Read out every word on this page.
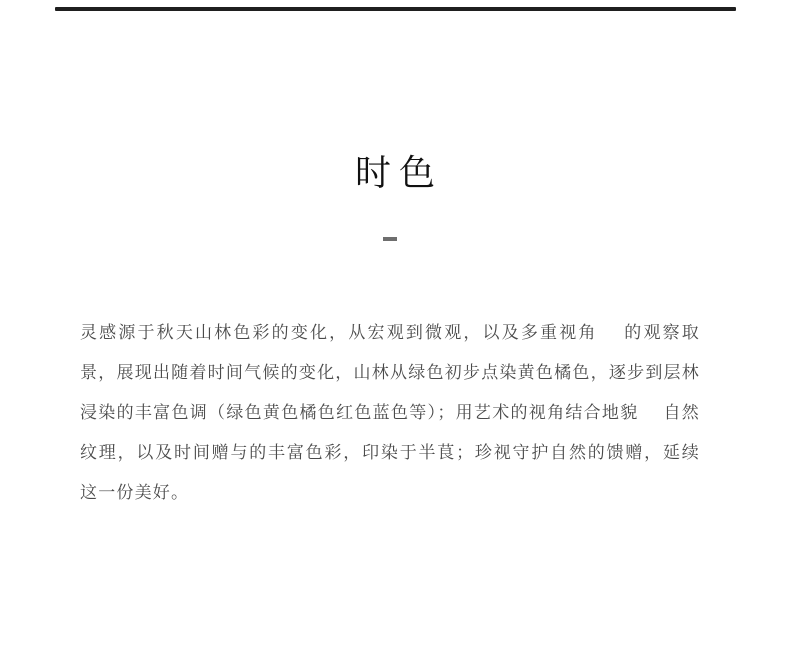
时色

灵感源于秋天山林色彩的变化，从宏观到微观，以及多重视角　 的观察取景，展现出随着时间气候的变化，山林从绿色初步点染黄色橘色，逐步到层林浸染的丰富色调（绿色黄色橘色红色蓝色等）；用艺术的视角结合地貌　 自然纹理，以及时间赠与的丰富色彩，印染于半茛；珍视守护自然的馈赠，延续　这一份美好。
